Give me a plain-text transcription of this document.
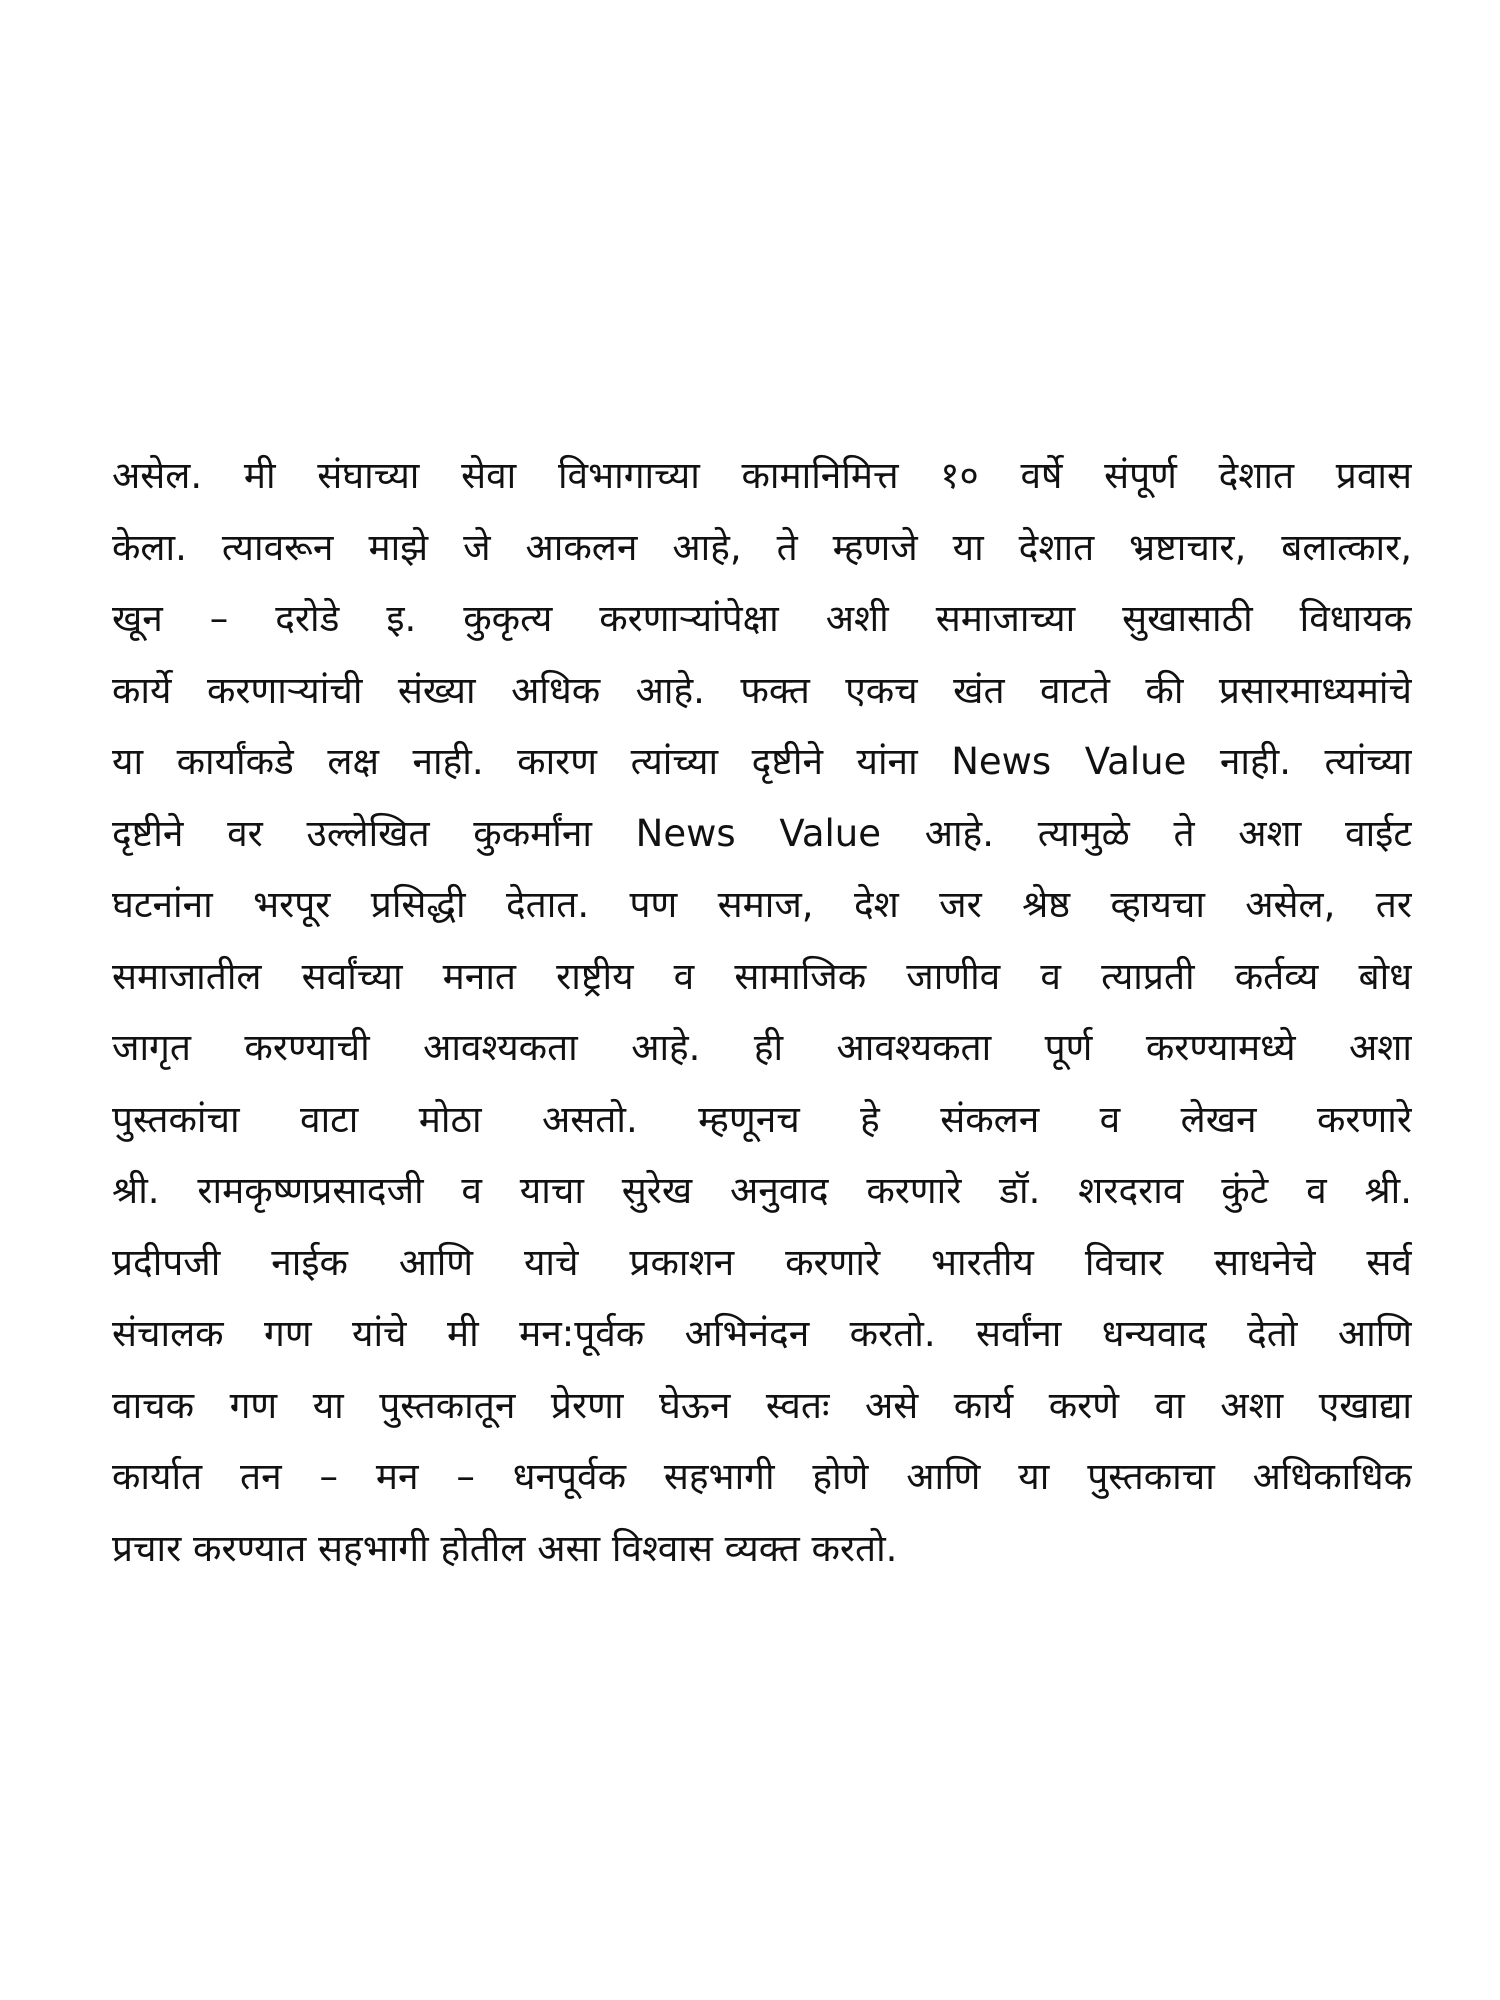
असेल. मी संघाच्या सेवा विभागाच्या कामानिमित्त १० वर्षे संपूर्ण देशात प्रवास
केला. त्यावरून माझे जे आकलन आहे, ते म्हणजे या देशात भ्रष्टाचार, बलात्कार,
खून – दरोडे इ. कुकृत्य करणाऱ्यांपेक्षा अशी समाजाच्या सुखासाठी विधायक
कार्ये करणाऱ्यांची संख्या अधिक आहे. फक्त एकच खंत वाटते की प्रसारमाध्यमांचे
या कार्यांकडे लक्ष नाही. कारण त्यांच्या दृष्टीने यांना News Value नाही. त्यांच्या
दृष्टीने वर उल्लेखित कुकर्मांना News Value आहे. त्यामुळे ते अशा वाईट
घटनांना भरपूर प्रसिद्धी देतात. पण समाज, देश जर श्रेष्ठ व्हायचा असेल, तर
समाजातील सर्वांच्या मनात राष्ट्रीय व सामाजिक जाणीव व त्याप्रती कर्तव्य बोध
जागृत करण्याची आवश्यकता आहे. ही आवश्यकता पूर्ण करण्यामध्ये अशा
पुस्तकांचा वाटा मोठा असतो. म्हणूनच हे संकलन व लेखन करणारे
श्री. रामकृष्णप्रसादजी व याचा सुरेख अनुवाद करणारे डॉ. शरदराव कुंटे व श्री.
प्रदीपजी नाईक आणि याचे प्रकाशन करणारे भारतीय विचार साधनेचे सर्व
संचालक गण यांचे मी मन:पूर्वक अभिनंदन करतो. सर्वांना धन्यवाद देतो आणि
वाचक गण या पुस्तकातून प्रेरणा घेऊन स्वतः असे कार्य करणे वा अशा एखाद्या
कार्यात तन – मन – धनपूर्वक सहभागी होणे आणि या पुस्तकाचा अधिकाधिक
प्रचार करण्यात सहभागी होतील असा विश्वास व्यक्त करतो.
